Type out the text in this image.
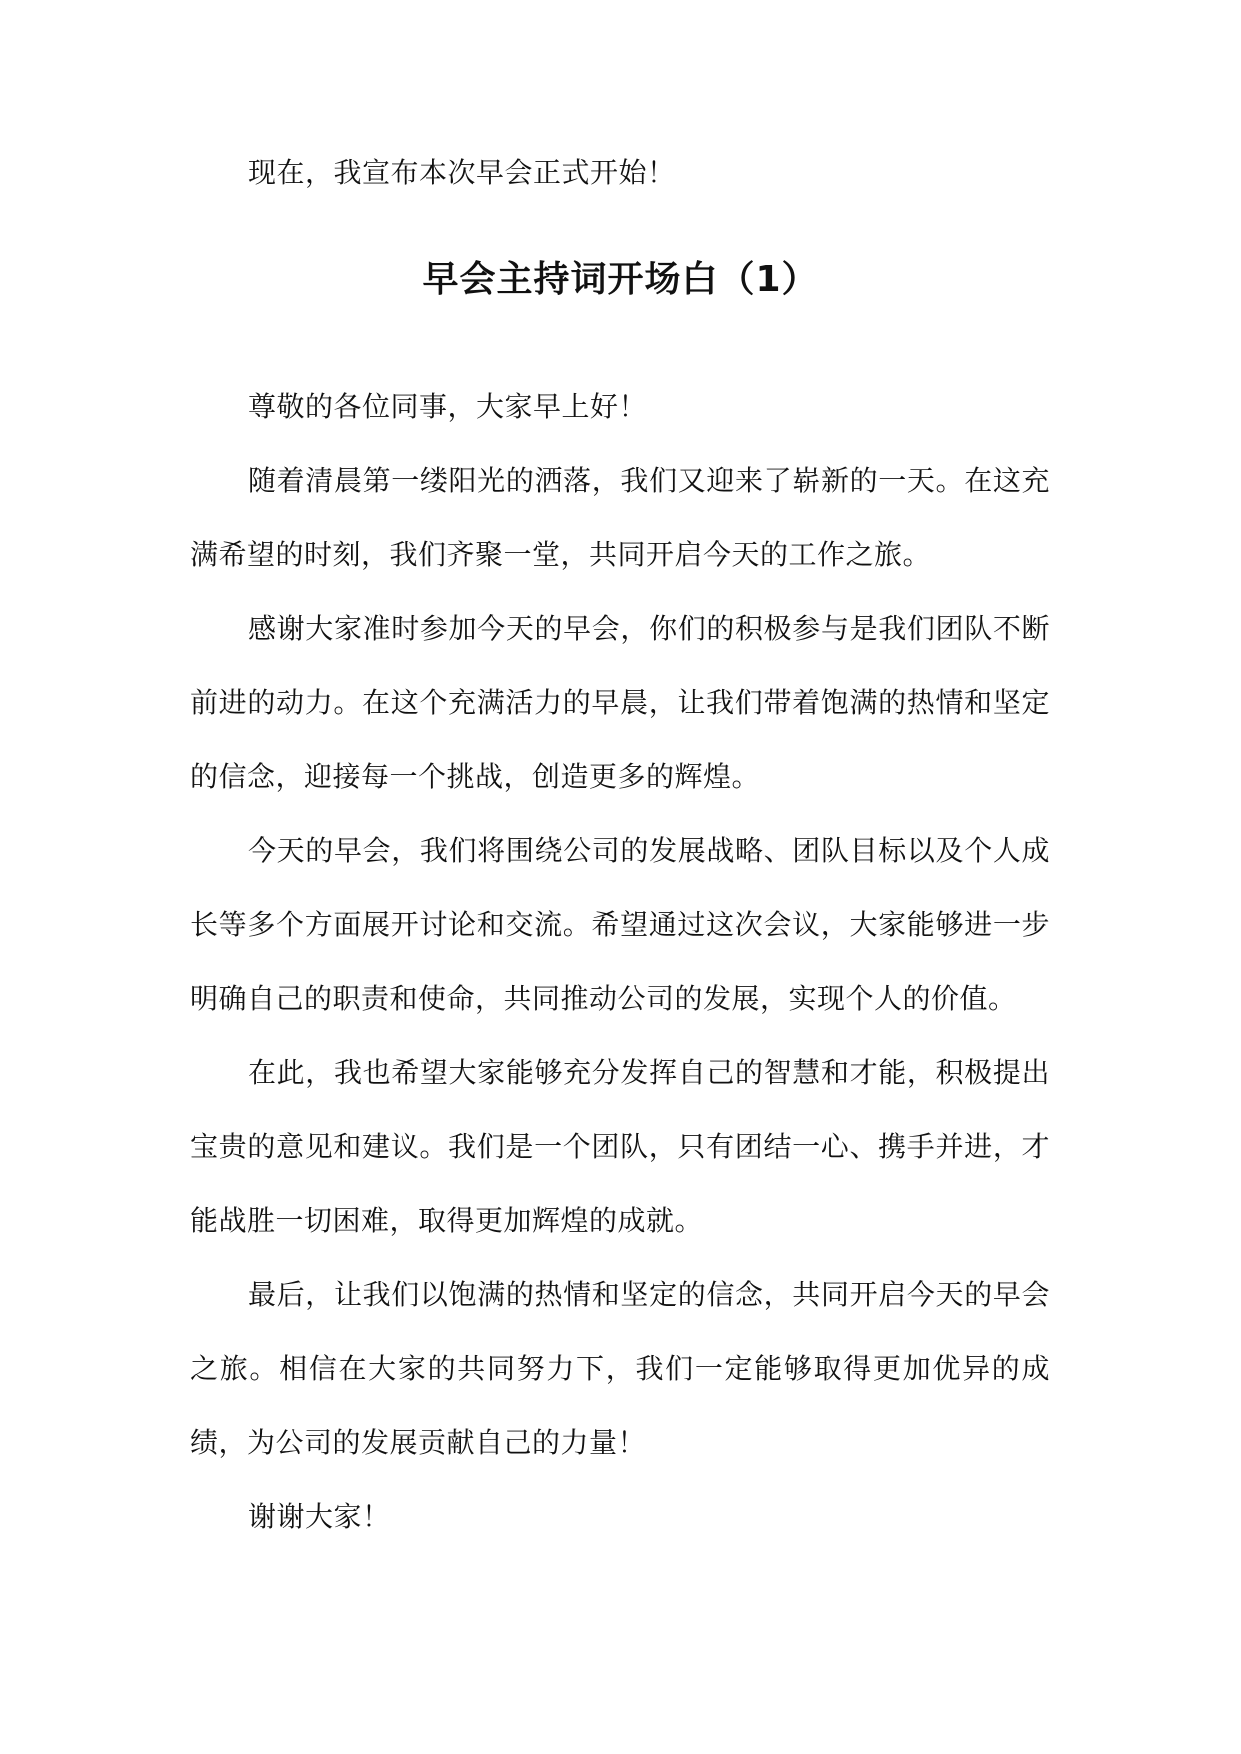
现在，我宣布本次早会正式开始！

早会主持词开场白（1）

尊敬的各位同事，大家早上好！

随着清晨第一缕阳光的洒落，我们又迎来了崭新的一天。在这充满希望的时刻，我们齐聚一堂，共同开启今天的工作之旅。

感谢大家准时参加今天的早会，你们的积极参与是我们团队不断前进的动力。在这个充满活力的早晨，让我们带着饱满的热情和坚定的信念，迎接每一个挑战，创造更多的辉煌。

今天的早会，我们将围绕公司的发展战略、团队目标以及个人成长等多个方面展开讨论和交流。希望通过这次会议，大家能够进一步明确自己的职责和使命，共同推动公司的发展，实现个人的价值。

在此，我也希望大家能够充分发挥自己的智慧和才能，积极提出宝贵的意见和建议。我们是一个团队，只有团结一心、携手并进，才能战胜一切困难，取得更加辉煌的成就。

最后，让我们以饱满的热情和坚定的信念，共同开启今天的早会之旅。相信在大家的共同努力下，我们一定能够取得更加优异的成绩，为公司的发展贡献自己的力量！

谢谢大家！
